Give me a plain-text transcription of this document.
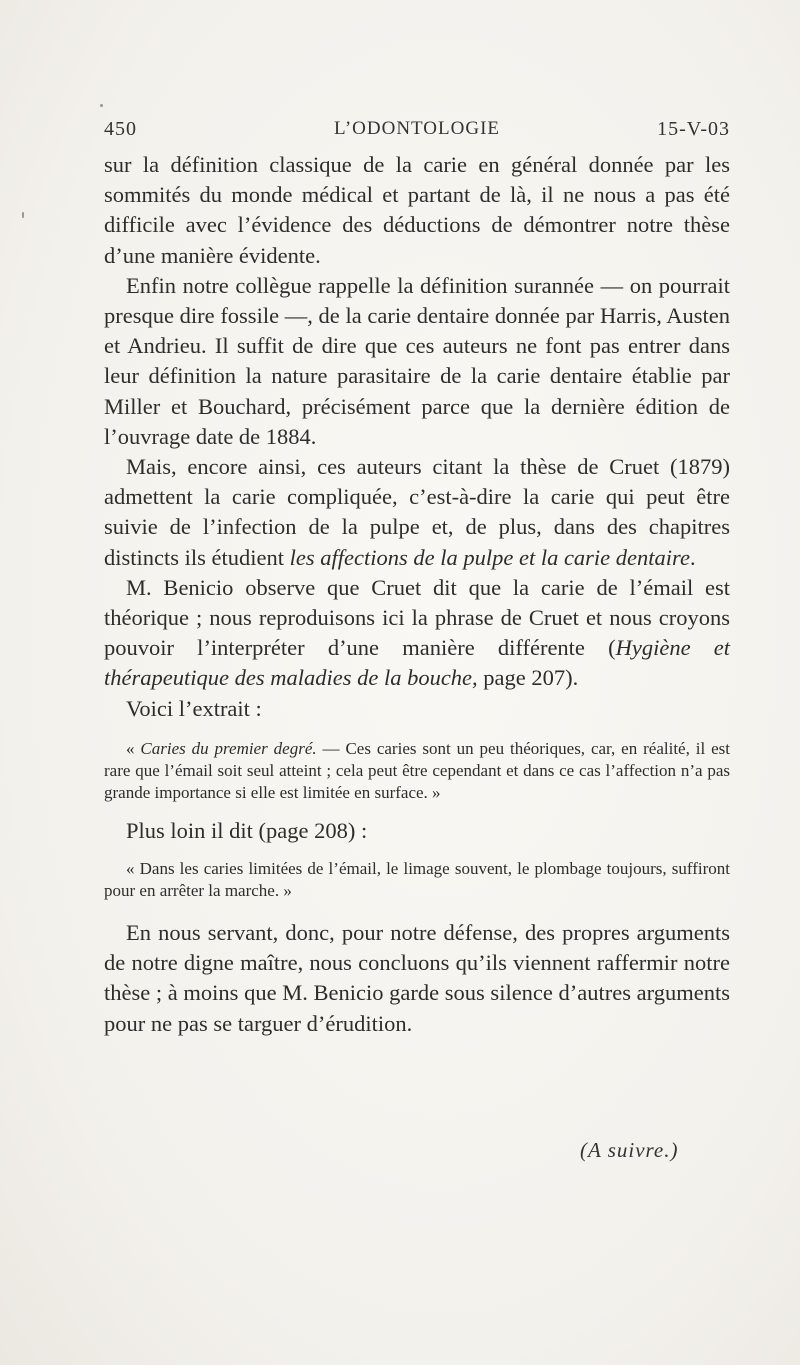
450	L’ODONTOLOGIE	15-V-03

sur la définition classique de la carie en général donnée par les sommités du monde médical et partant de là, il ne nous a pas été difficile avec l’évidence des déductions de démontrer notre thèse d’une manière évidente.

Enfin notre collègue rappelle la définition surannée — on pourrait presque dire fossile —, de la carie dentaire donnée par Harris, Austen et Andrieu. Il suffit de dire que ces auteurs ne font pas entrer dans leur définition la nature parasitaire de la carie dentaire établie par Miller et Bouchard, précisément parce que la dernière édition de l’ouvrage date de 1884.

Mais, encore ainsi, ces auteurs citant la thèse de Cruet (1879) admettent la carie compliquée, c’est-à-dire la carie qui peut être suivie de l’infection de la pulpe et, de plus, dans des chapitres distincts ils étudient les affections de la pulpe et la carie dentaire.

M. Benicio observe que Cruet dit que la carie de l’émail est théorique ; nous reproduisons ici la phrase de Cruet et nous croyons pouvoir l’interpréter d’une manière différente (Hygiène et thérapeutique des maladies de la bouche, page 207).

Voici l’extrait :

« Caries du premier degré. — Ces caries sont un peu théoriques, car, en réalité, il est rare que l’émail soit seul atteint ; cela peut être cependant et dans ce cas l’affection n’a pas grande importance si elle est limitée en surface. »

Plus loin il dit (page 208) :

« Dans les caries limitées de l’émail, le limage souvent, le plombage toujours, suffiront pour en arrêter la marche. »

En nous servant, donc, pour notre défense, des propres arguments de notre digne maître, nous concluons qu’ils viennent raffermir notre thèse ; à moins que M. Benicio garde sous silence d’autres arguments pour ne pas se targuer d’érudition.

(A suivre.)
